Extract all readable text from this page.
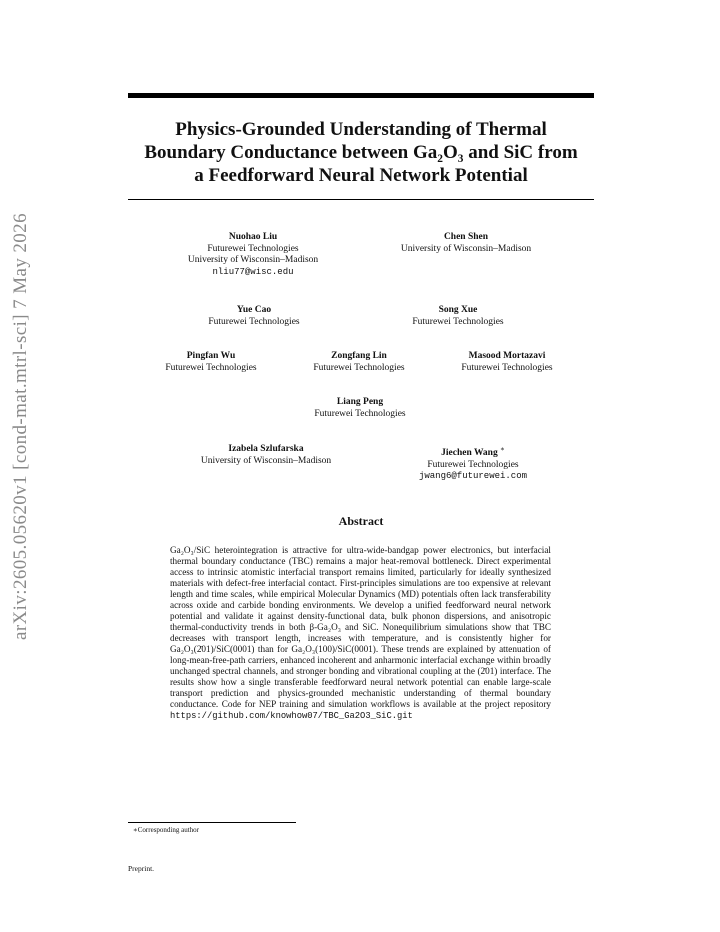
arXiv:2605.05620v1 [cond-mat.mtrl-sci] 7 May 2026
Physics-Grounded Understanding of Thermal
Boundary Conductance between Ga₂O₃ and SiC from
a Feedforward Neural Network Potential
Nuohao Liu
Futurewei Technologies
University of Wisconsin–Madison
nliu77@wisc.edu
Chen Shen
University of Wisconsin–Madison
Yue Cao
Futurewei Technologies
Song Xue
Futurewei Technologies
Pingfan Wu
Futurewei Technologies
Zongfang Lin
Futurewei Technologies
Masood Mortazavi
Futurewei Technologies
Liang Peng
Futurewei Technologies
Izabela Szlufarska
University of Wisconsin–Madison
Jiechen Wang ∗
Futurewei Technologies
jwang6@futurewei.com
Abstract
Ga₂O₃/SiC heterointegration is attractive for ultra-wide-bandgap power electronics, but interfacial thermal boundary conductance (TBC) remains a major heat-removal bottleneck. Direct experimental access to intrinsic atomistic interfacial transport remains limited, particularly for ideally synthesized materials with defect-free interfacial contact. First-principles simulations are too expensive at relevant length and time scales, while empirical Molecular Dynamics (MD) potentials often lack transferability across oxide and carbide bonding environments. We develop a unified feedforward neural network potential and validate it against density-functional data, bulk phonon dispersions, and anisotropic thermal-conductivity trends in both β-Ga₂O₃ and SiC. Nonequilibrium simulations show that TBC decreases with transport length, increases with temperature, and is consistently higher for Ga₂O₃(2̄01)/SiC(0001) than for Ga₂O₃(100)/SiC(0001). These trends are explained by attenuation of long-mean-free-path carriers, enhanced incoherent and anharmonic interfacial exchange within broadly unchanged spectral channels, and stronger bonding and vibrational coupling at the (2̄01) interface. The results show how a single transferable feedforward neural network potential can enable large-scale transport prediction and physics-grounded mechanistic understanding of thermal boundary conductance. Code for NEP training and simulation workflows is available at the project repository https://github.com/knowhow07/TBC_Ga2O3_SiC.git
∗Corresponding author
Preprint.
